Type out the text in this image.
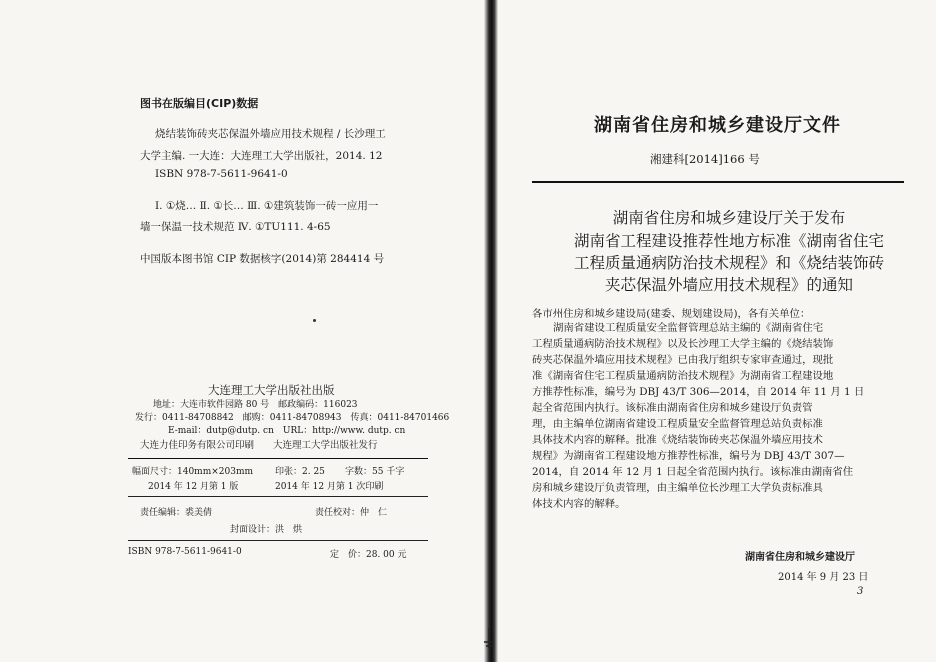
图书在版编目(CIP)数据
烧结装饰砖夹芯保温外墙应用技术规程 / 长沙理工
大学主编. 一大连：大连理工大学出版社，2014. 12
ISBN 978-7-5611-9641-0
Ⅰ. ①烧… Ⅱ. ①长… Ⅲ. ①建筑装饰一砖一应用一
墙一保温一技术规范 Ⅳ. ①TU111. 4-65
中国版本图书馆 CIP 数据核字(2014)第 284414 号
大连理工大学出版社出版
地址：大连市软件园路 80 号　邮政编码：116023
发行：0411-84708842　邮购：0411-84708943　传真：0411-84701466
E-mail：dutp@dutp. cn　URL：http://www. dutp. cn
大连力佳印务有限公司印刷　　大连理工大学出版社发行
幅面尺寸：140mm×203mm 印张：2. 25 字数：55 千字
2014 年 12 月第 1 版	2014 年 12 月第 1 次印刷
责任编辑：裘美倩	责任校对：仲　仁
封面设计：洪　烘
ISBN 978-7-5611-9641-0	定　价：28. 00 元
湖南省住房和城乡建设厅文件
湘建科[2014]166 号
湖南省住房和城乡建设厅关于发布
湖南省工程建设推荐性地方标准《湖南省住宅
工程质量通病防治技术规程》和《烧结装饰砖
夹芯保温外墙应用技术规程》的通知
各市州住房和城乡建设局(建委、规划建设局)，各有关单位：
湖南省建设工程质量安全监督管理总站主编的《湖南省住宅
工程质量通病防治技术规程》以及长沙理工大学主编的《烧结装饰
砖夹芯保温外墙应用技术规程》已由我厅组织专家审查通过，现批
准《湖南省住宅工程质量通病防治技术规程》为湖南省工程建设地
方推荐性标准，编号为 DBJ 43/T 306—2014，自 2014 年 11 月 1 日
起全省范围内执行。该标准由湖南省住房和城乡建设厅负责管
理，由主编单位湖南省建设工程质量安全监督管理总站负责标准
具体技术内容的解释。批准《烧结装饰砖夹芯保温外墙应用技术
规程》为湖南省工程建设地方推荐性标准，编号为 DBJ 43/T 307—
2014，自 2014 年 12 月 1 日起全省范围内执行。该标准由湖南省住
房和城乡建设厅负责管理，由主编单位长沙理工大学负责标准具
体技术内容的解释。
湖南省住房和城乡建设厅
2014 年 9 月 23 日
3
